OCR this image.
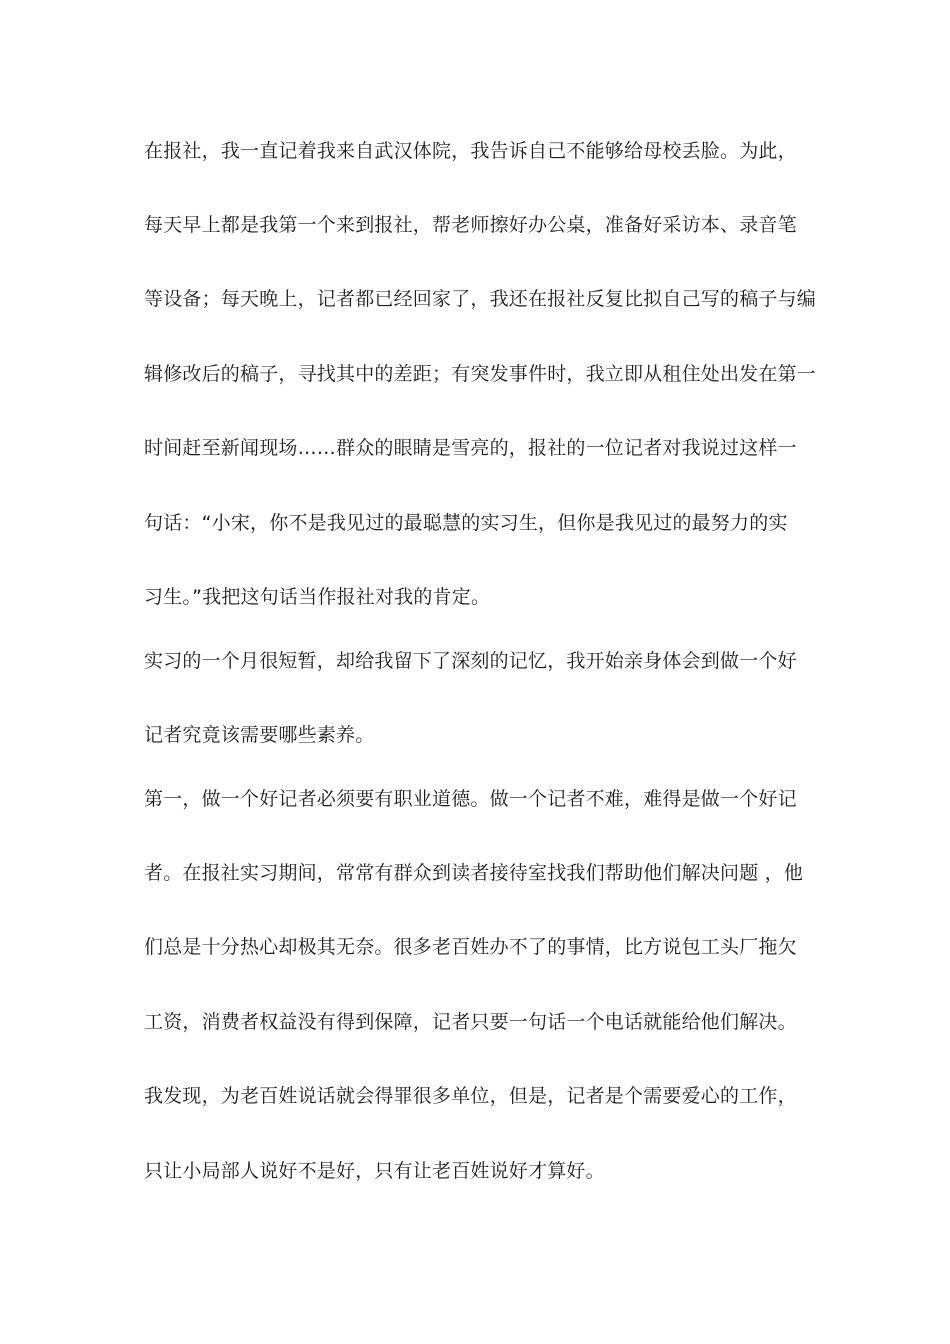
在报社，我一直记着我来自武汉体院，我告诉自己不能够给母校丢脸。为此，

每天早上都是我第一个来到报社，帮老师擦好办公桌，准备好采访本、录音笔

等设备；每天晚上，记者都已经回家了，我还在报社反复比拟自己写的稿子与编

辑修改后的稿子，寻找其中的差距；有突发事件时，我立即从租住处出发在第一

时间赶至新闻现场……群众的眼睛是雪亮的，报社的一位记者对我说过这样一

句话：“小宋，你不是我见过的最聪慧的实习生，但你是我见过的最努力的实

习生。”我把这句话当作报社对我的肯定。

实习的一个月很短暂，却给我留下了深刻的记忆，我开始亲身体会到做一个好

记者究竟该需要哪些素养。

第一，做一个好记者必须要有职业道德。做一个记者不难，难得是做一个好记

者。在报社实习期间，常常有群众到读者接待室找我们帮助他们解决问题 ，他

们总是十分热心却极其无奈。很多老百姓办不了的事情，比方说包工头厂拖欠

工资，消费者权益没有得到保障，记者只要一句话一个电话就能给他们解决。

我发现，为老百姓说话就会得罪很多单位，但是，记者是个需要爱心的工作，

只让小局部人说好不是好，只有让老百姓说好才算好。
